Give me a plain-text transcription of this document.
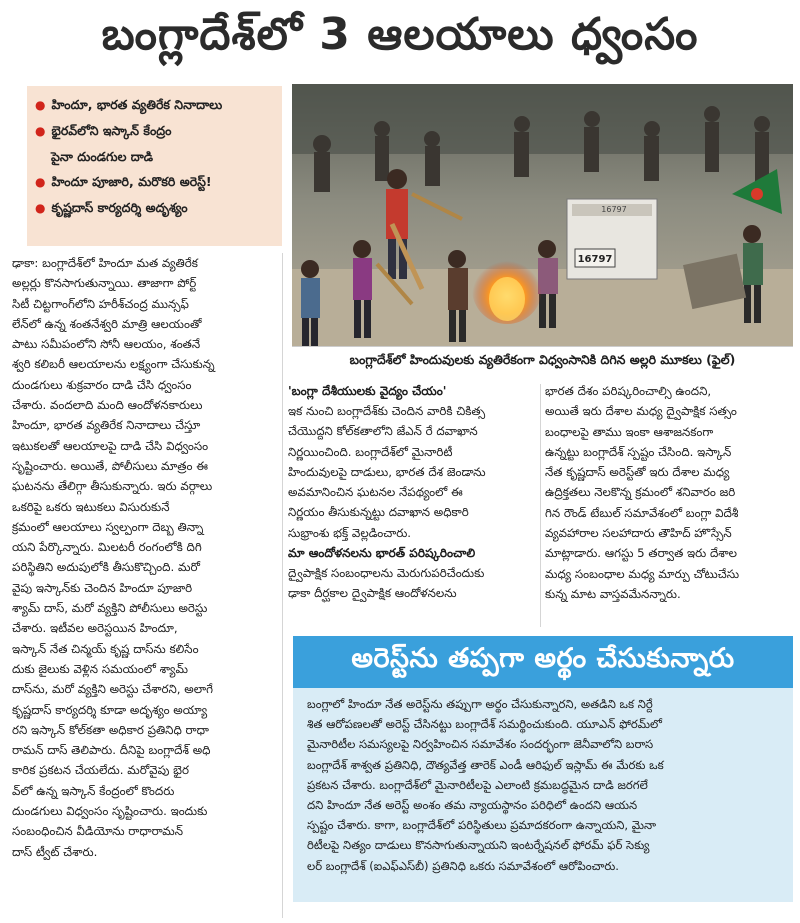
బంగ్లాదేశ్‌లో 3 ఆలయాలు ధ్వంసం
● హిందూ, భారత వ్యతిరేక నినాదాలు
● భైరవ్‌లోని ఇస్కాన్ కేంద్రం
పైనా దుండగుల దాడి
● హిందూ పూజారి, మరొకరి అరెస్ట్!
● కృష్ణదాస్ కార్యదర్శి అదృశ్యం	16797
16797
బంగ్లాదేశ్‌లో హిందువులకు వ్యతిరేకంగా విధ్వంసానికి దిగిన అల్లరి మూకలు (ఫైల్)

ఢాకా: బంగ్లాదేశ్‌లో హిందూ మత వ్యతిరేక

అల్లర్లు కొనసాగుతున్నాయి. తాజాగా పోర్ట్

సిటీ చిట్టగాంగ్‌లోని హరీశ్‌చంద్ర మున్సఫ్

లేన్‌లో ఉన్న శంతనేశ్వరి మాత్రి ఆలయంతో

పాటు సమీపంలోని సోనీ ఆలయం, శంతనే

శ్వరి కలిబరీ ఆలయాలను లక్ష్యంగా చేసుకున్న

దుండగులు శుక్రవారం దాడి చేసి ధ్వంసం

చేశారు. వందలాది మంది ఆందోళనకారులు

హిందూ, భారత వ్యతిరేక నినాదాలు చేస్తూ

ఇటుకలతో ఆలయాలపై దాడి చేసి విధ్వంసం

సృష్టించారు. అయితే, పోలీసులు మాత్రం ఈ

ఘటనను తేలిగ్గా తీసుకున్నారు. ఇరు వర్గాలు

ఒకరిపై ఒకరు ఇటుకలు విసురుకునే

క్రమంలో ఆలయాలు స్వల్పంగా దెబ్బ తిన్నా

యని పేర్కొన్నారు. మిలటరీ రంగంలోకి దిగి

పరిస్థితిని అదుపులోకి తీసుకొచ్చింది. మరో

వైపు ఇస్కాన్‌కు చెందిన హిందూ పూజారి

శ్యామ్ దాస్, మరో వ్యక్తిని పోలీసులు అరెస్టు

చేశారు. ఇటీవల అరెస్టయిన హిందూ,

ఇస్కాన్ నేత చిన్మయ్ కృష్ణ దాస్‌ను కలిసేం

దుకు జైలుకు వెళ్లిన సమయంలో శ్యామ్

దాస్‌ను, మరో వ్యక్తిని అరెస్టు చేశారని, అలాగే

కృష్ణదాస్ కార్యదర్శి కూడా అదృశ్యం అయ్యా

రని ఇస్కాన్ కోల్‌కతా అధికార ప్రతినిధి రాధా

రామన్ దాస్ తెలిపారు. దీనిపై బంగ్లాదేశ్ అధి

కారిక ప్రకటన చేయలేదు. మరోవైపు భైర

వ్‌లో ఉన్న ఇస్కాన్ కేంద్రంలో కొందరు

దుండగులు విధ్వంసం సృష్టించారు. ఇందుకు

సంబంధించిన వీడియోను రాధారామన్

దాస్ ట్వీట్ చేశారు.

'బంగ్లా దేశీయులకు వైద్యం చేయం'

ఇక నుంచి బంగ్లాదేశ్‌కు చెందిన వారికి చికిత్స

చేయొద్దని కోల్‌కతాలోని జేఎన్ రే దవాఖాన

నిర్ణయించింది. బంగ్లాదేశ్‌లో మైనారిటీ

హిందువులపై దాడులు, భారత దేశ జెండాను

అవమానించిన ఘటనల నేపథ్యంలో ఈ

నిర్ణయం తీసుకున్నట్టు దవాఖాన అధికారి

సుభ్రాంశు భక్త్ వెల్లడించారు.

మా ఆందోళనలను భారత్ పరిష్కరించాలి

ద్వైపాక్షిక సంబంధాలను మెరుగుపరిచేందుకు

ఢాకా దీర్ఘకాల ద్వైపాక్షిక ఆందోళనలను

భారత దేశం పరిష్కరించాల్సి ఉందని,

అయితే ఇరు దేశాల మధ్య ద్వైపాక్షిక సత్సం

బంధాలపై తాము ఇంకా ఆశాజనకంగా

ఉన్నట్టు బంగ్లాదేశ్ స్పష్టం చేసింది. ఇస్కాన్

నేత కృష్ణదాస్ అరెస్ట్‌తో ఇరు దేశాల మధ్య

ఉద్రిక్తతలు నెలకొన్న క్రమంలో శనివారం జరి

గిన రౌండ్ టేబుల్ సమావేశంలో బంగ్లా విదేశీ

వ్యవహారాల సలహాదారు తౌహిద్ హొస్సేన్

మాట్లాడారు. ఆగస్టు 5 తర్వాత ఇరు దేశాల

మధ్య సంబంధాల మధ్య మార్పు చోటుచేసు

కున్న మాట వాస్తవమేనన్నారు.

అరెస్ట్‌ను తప్పగా అర్థం చేసుకున్నారు
బంగ్లాలో హిందూ నేత అరెస్ట్‌ను తప్పుగా అర్థం చేసుకున్నారని, అతడిని ఒక నిర్దే
శిత ఆరోపణలతో అరెస్ట్ చేసినట్టు బంగ్లాదేశ్ సమర్థించుకుంది. యూఎన్ ఫోరమ్‌లో
మైనారిటీల సమస్యలపై నిర్వహించిన సమావేశం సందర్భంగా జెనీవాలోని బరాస
బంగ్లాదేశ్ శాశ్వత ప్రతినిధి, దౌత్యవేత్త తారెక్ ఎండీ ఆరిఫుల్ ఇస్లామ్ ఈ మేరకు ఒక
ప్రకటన చేశారు. బంగ్లాదేశ్‌లో మైనారిటీలపై ఎలాంటి క్రమబద్ధమైన దాడి జరగలే
దని హిందూ నేత అరెస్ట్ అంశం తమ న్యాయస్థానం పరిధిలో ఉందని ఆయన
స్పష్టం చేశారు. కాగా, బంగ్లాదేశ్‌లో పరిస్థితులు ప్రమాదకరంగా ఉన్నాయని, మైనా
రిటీలపై నిత్యం దాడులు కొనసాగుతున్నాయని ఇంటర్నేషనల్ ఫోరమ్ ఫర్ సెక్యు
లర్ బంగ్లాదేశ్ (ఐఎఫ్ఎస్‌బీ) ప్రతినిధి ఒకరు సమావేశంలో ఆరోపించారు.
